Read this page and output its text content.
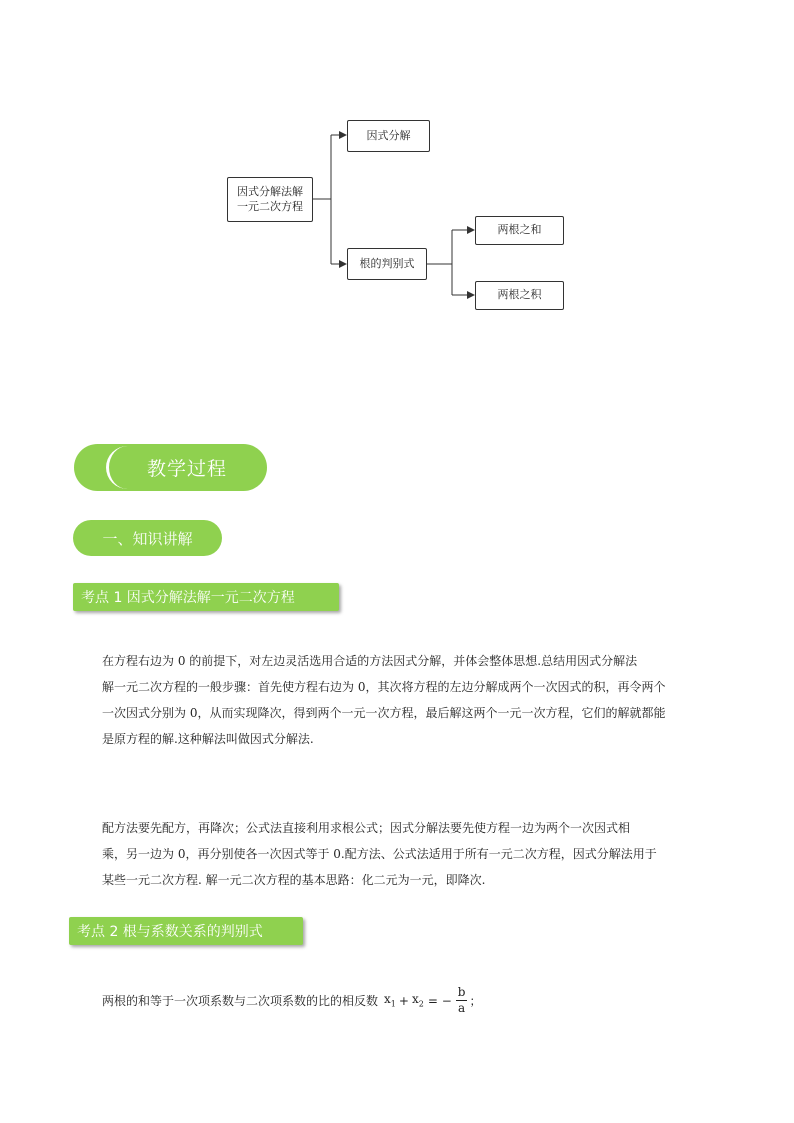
因式分解法解
一元二次方程
因式分解
根的判别式
两根之和
两根之积
教学过程
一、知识讲解
考点 1 因式分解法解一元二次方程
在方程右边为 0 的前提下，对左边灵活选用合适的方法因式分解，并体会整体思想.总结用因式分解法
解一元二次方程的一般步骤：首先使方程右边为 0，其次将方程的左边分解成两个一次因式的积，再令两个
一次因式分别为 0，从而实现降次，得到两个一元一次方程，最后解这两个一元一次方程，它们的解就都能
是原方程的解.这种解法叫做因式分解法.
配方法要先配方，再降次；公式法直接利用求根公式；因式分解法要先使方程一边为两个一次因式相
乘，另一边为 0，再分别使各一次因式等于 0.配方法、公式法适用于所有一元二次方程，因式分解法用于
某些一元二次方程. 解一元二次方程的基本思路：化二元为一元，即降次.
考点 2 根与系数关系的判别式
两根的和等于一次项系数与二次项系数的比的相反数 $x_1 + x_2$ = − $\frac{b}{a}$ ；
